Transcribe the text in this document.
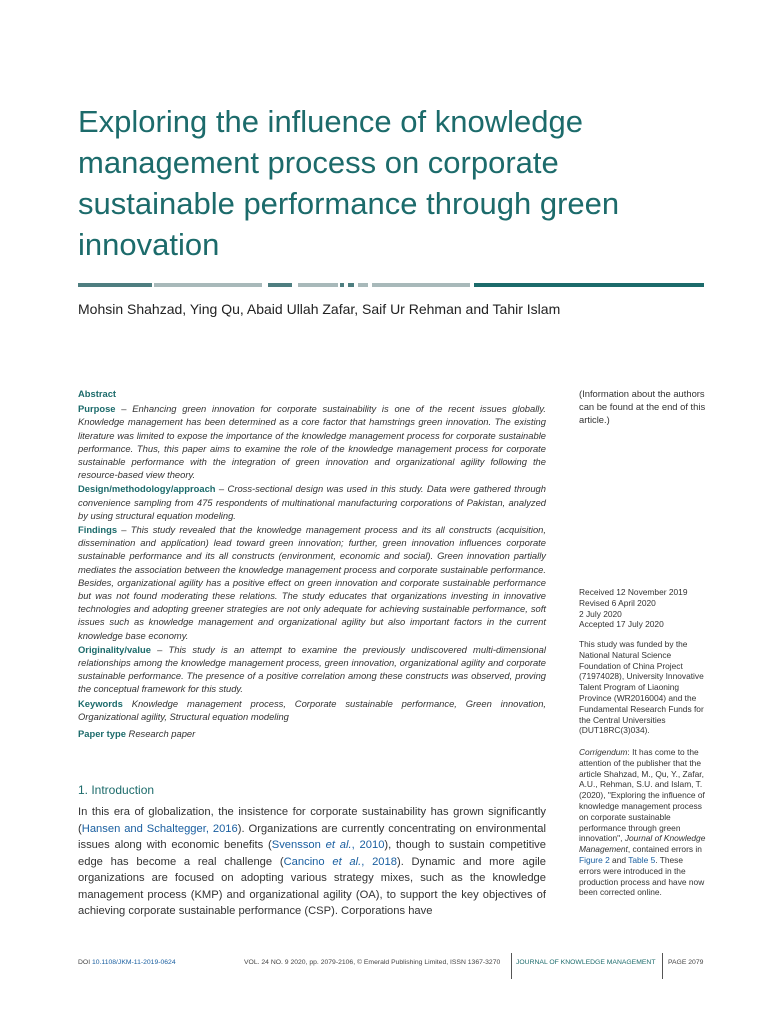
Exploring the influence of knowledge management process on corporate sustainable performance through green innovation
Mohsin Shahzad, Ying Qu, Abaid Ullah Zafar, Saif Ur Rehman and Tahir Islam
Abstract
Purpose – Enhancing green innovation for corporate sustainability is one of the recent issues globally. Knowledge management has been determined as a core factor that hamstrings green innovation. The existing literature was limited to expose the importance of the knowledge management process for corporate sustainable performance. Thus, this paper aims to examine the role of the knowledge management process for corporate sustainable performance with the integration of green innovation and organizational agility following the resource-based view theory.
Design/methodology/approach – Cross-sectional design was used in this study. Data were gathered through convenience sampling from 475 respondents of multinational manufacturing corporations of Pakistan, analyzed by using structural equation modeling.
Findings – This study revealed that the knowledge management process and its all constructs (acquisition, dissemination and application) lead toward green innovation; further, green innovation influences corporate sustainable performance and its all constructs (environment, economic and social). Green innovation partially mediates the association between the knowledge management process and corporate sustainable performance. Besides, organizational agility has a positive effect on green innovation and corporate sustainable performance but was not found moderating these relations. The study educates that organizations investing in innovative technologies and adopting greener strategies are not only adequate for achieving sustainable performance, soft issues such as knowledge management and organizational agility but also important factors in the current knowledge base economy.
Originality/value – This study is an attempt to examine the previously undiscovered multi-dimensional relationships among the knowledge management process, green innovation, organizational agility and corporate sustainable performance. The presence of a positive correlation among these constructs was observed, proving the conceptual framework for this study.
Keywords Knowledge management process, Corporate sustainable performance, Green innovation, Organizational agility, Structural equation modeling
Paper type Research paper
1. Introduction
In this era of globalization, the insistence for corporate sustainability has grown significantly (Hansen and Schaltegger, 2016). Organizations are currently concentrating on environmental issues along with economic benefits (Svensson et al., 2010), though to sustain competitive edge has become a real challenge (Cancino et al., 2018). Dynamic and more agile organizations are focused on adopting various strategy mixes, such as the knowledge management process (KMP) and organizational agility (OA), to support the key objectives of achieving corporate sustainable performance (CSP). Corporations have
(Information about the authors can be found at the end of this article.)
Received 12 November 2019
Revised 6 April 2020
2 July 2020
Accepted 17 July 2020
This study was funded by the National Natural Science Foundation of China Project (71974028), University Innovative Talent Program of Liaoning Province (WR2016004) and the Fundamental Research Funds for the Central Universities (DUT18RC(3)034).
Corrigendum: It has come to the attention of the publisher that the article Shahzad, M., Qu, Y., Zafar, A.U., Rehman, S.U. and Islam, T. (2020), "Exploring the influence of knowledge management process on corporate sustainable performance through green innovation", Journal of Knowledge Management, contained errors in Figure 2 and Table 5. These errors were introduced in the production process and have now been corrected online.
DOI 10.1108/JKM-11-2019-0624	VOL. 24 NO. 9 2020, pp. 2079-2106, © Emerald Publishing Limited, ISSN 1367-3270 JOURNAL OF KNOWLEDGE MANAGEMENT PAGE 2079
